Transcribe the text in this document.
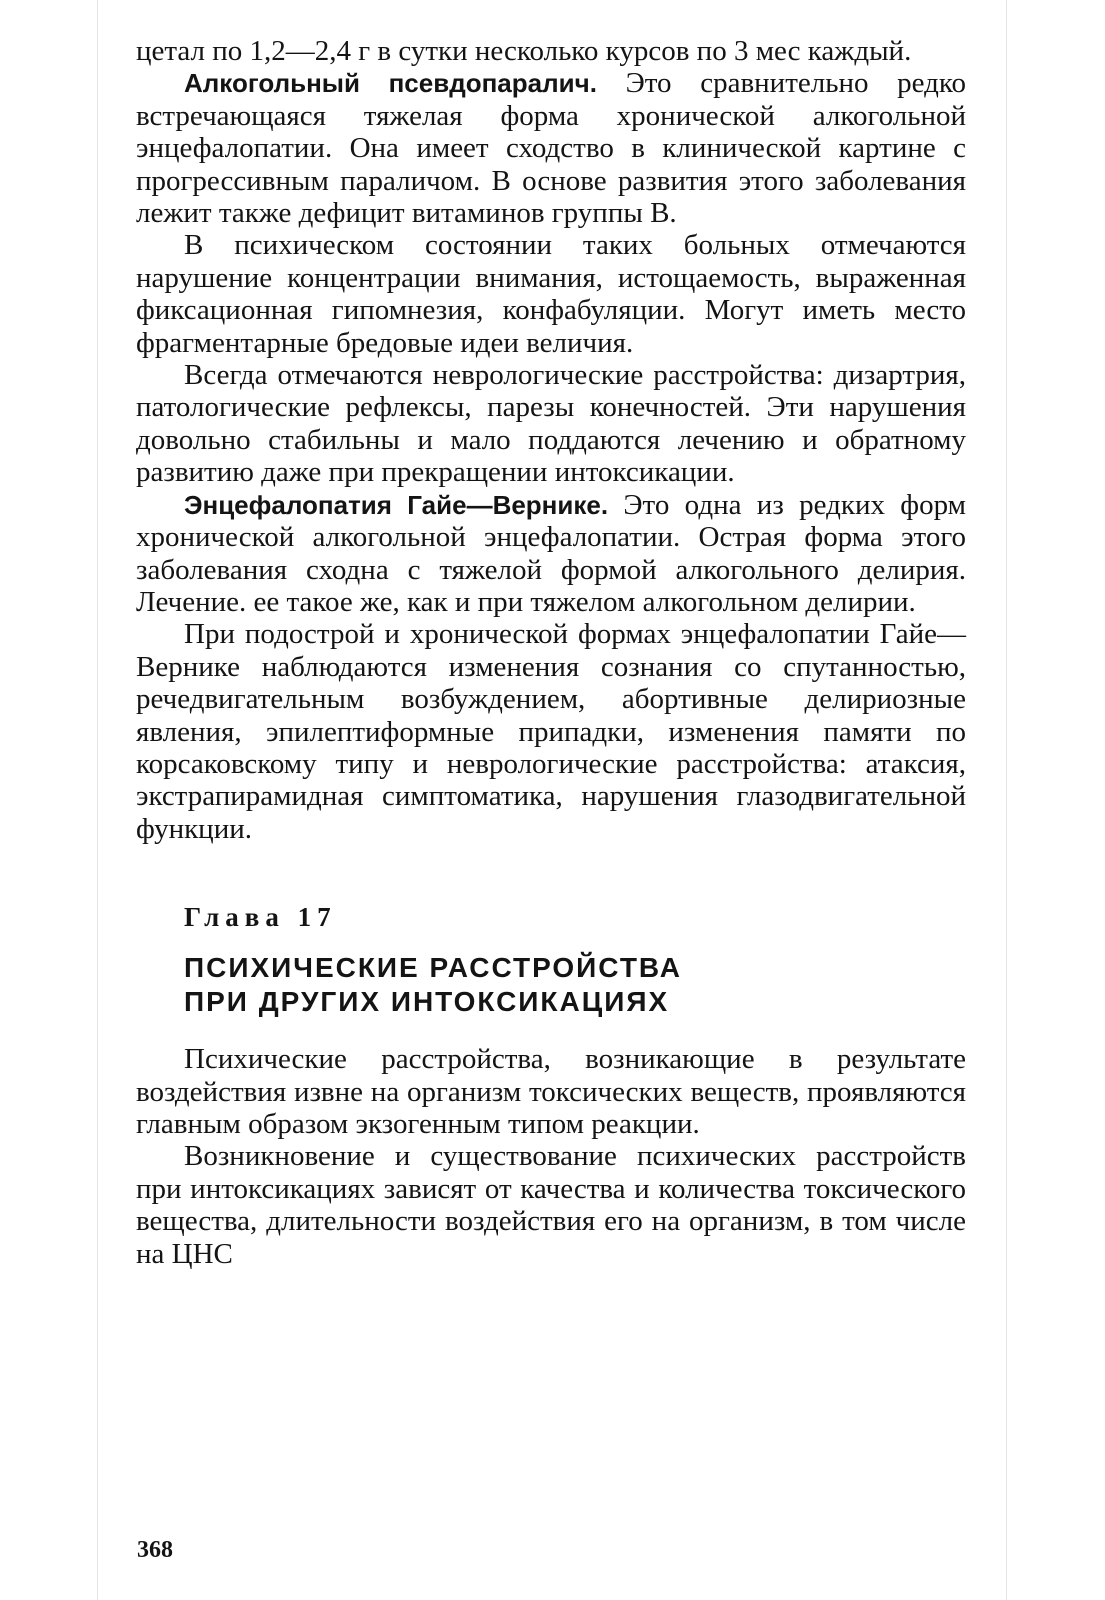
цетал по 1,2—2,4 г в сутки несколько курсов по 3 мес каждый.

Алкогольный псевдопаралич. Это сравнительно редко встречающаяся тяжелая форма хронической алкогольной энцефалопатии. Она имеет сходство в клинической картине с прогрессивным параличом. В основе развития этого заболевания лежит также дефицит витаминов группы В.

В психическом состоянии таких больных отмечаются нарушение концентрации внимания, истощаемость, выраженная фиксационная гипомнезия, конфабуляции. Могут иметь место фрагментарные бредовые идеи величия.

Всегда отмечаются неврологические расстройства: дизартрия, патологические рефлексы, парезы конечностей. Эти нарушения довольно стабильны и мало поддаются лечению и обратному развитию даже при прекращении интоксикации.

Энцефалопатия Гайе—Вернике. Это одна из редких форм хронической алкогольной энцефалопатии. Острая форма этого заболевания сходна с тяжелой формой алкогольного делирия. Лечение. ее такое же, как и при тяжелом алкогольном делирии.

При подострой и хронической формах энцефалопатии Гайе—Вернике наблюдаются изменения сознания со спутанностью, речедвигательным возбуждением, абортивные делириозные явления, эпилептиформные припадки, изменения памяти по корсаковскому типу и неврологические расстройства: атаксия, экстрапирамидная симптоматика, нарушения глазодвигательной функции.

Глава 17
ПСИХИЧЕСКИЕ РАССТРОЙСТВА
ПРИ ДРУГИХ ИНТОКСИКАЦИЯХ

Психические расстройства, возникающие в результате воздействия извне на организм токсических веществ, проявляются главным образом экзогенным типом реакции.

Возникновение и существование психических расстройств при интоксикациях зависят от качества и количества токсического вещества, длительности воздействия его на организм, в том числе на ЦНС

368
